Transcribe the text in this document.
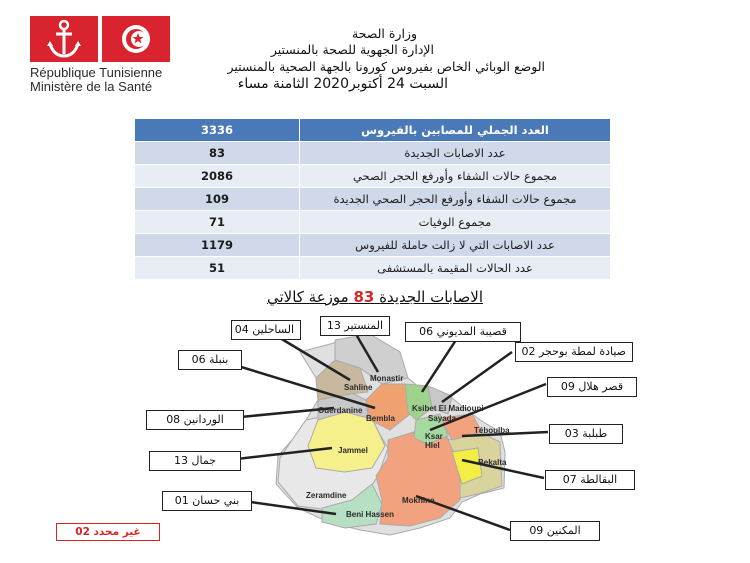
République Tunisienne
Ministère de la Santé
وزارة الصحة
الإدارة الجهوية للصحة بالمنستير
الوضع الوبائي الخاص بفيروس كورونا بالجهة الصحية بالمنستير
السبت 24 أكتوبر2020 الثامنة مساء
3336	العدد الجملي للمصابين بالفيروس
83	عدد الاصابات الجديدة
2086	مجموع حالات الشفاء وأورفع الحجر الصحي
109	مجموع حالات الشفاء وأورفع الحجر الصحي الجديدة
71	مجموع الوفيات
1179	عدد الاصابات التي لا زالت حاملة للفيروس
51	عدد الحالات المقيمة بالمستشفى
الاصابات الجديدة 83 موزعة كالاتي
Monastir
Sahline
Ouerdanine
Bembla
Ksibet El Madiouni
Sayada
Ksar
Hlel
Téboulba
Jammel
Bekalta
Zeramdine
Beni Hassen
Moknine
الساحلين 04	المنستير 13	قصيبة المديوني 06
بنبلة 06
صيادة لمطة بوحجر 02
قصر هلال 09
الوردانين 08
طبلبة 03
جمال 13
البقالطة 07
بني حسان 01
المكنين 09
غير محدد 02
